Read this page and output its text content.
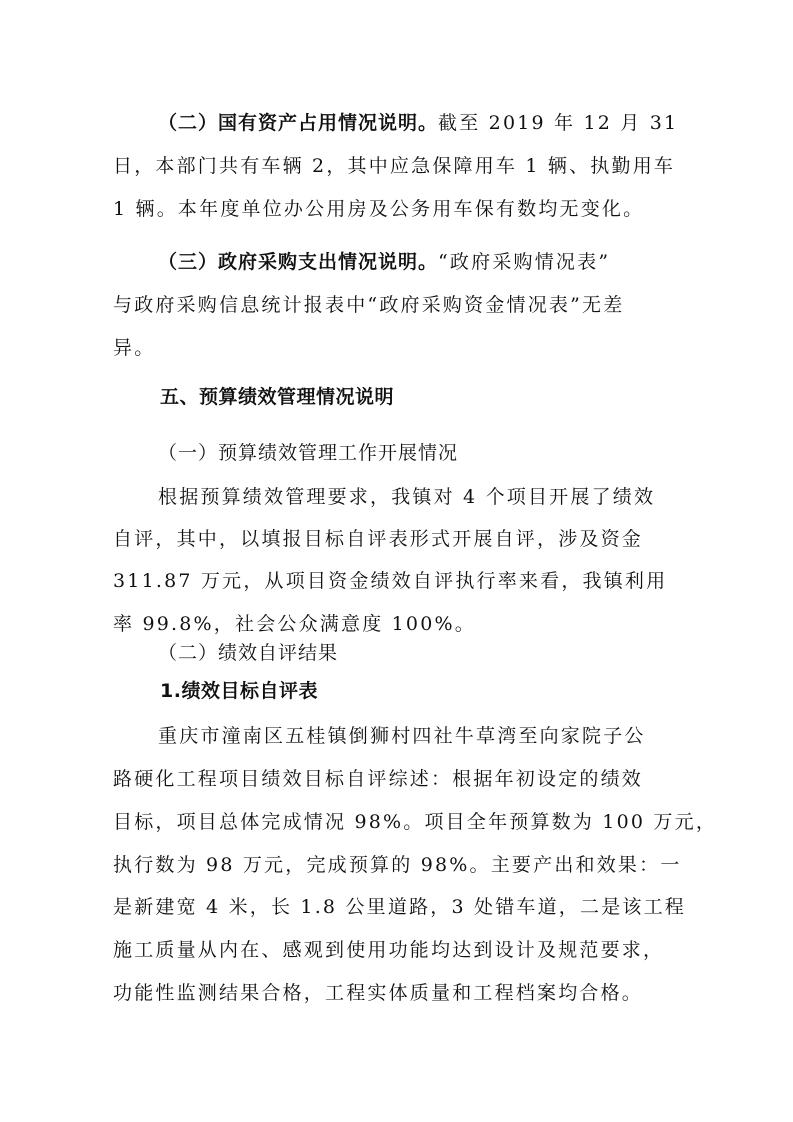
（二）国有资产占用情况说明。截至 2019 年 12 月 31
日，本部门共有车辆 2，其中应急保障用车 1 辆、执勤用车
1 辆。本年度单位办公用房及公务用车保有数均无变化。
（三）政府采购支出情况说明。“政府采购情况表”
与政府采购信息统计报表中“政府采购资金情况表”无差
异。
五、预算绩效管理情况说明
（一）预算绩效管理工作开展情况
根据预算绩效管理要求，我镇对 4 个项目开展了绩效
自评，其中，以填报目标自评表形式开展自评，涉及资金
311.87 万元，从项目资金绩效自评执行率来看，我镇利用
率 99.8%，社会公众满意度 100%。
（二）绩效自评结果
1.绩效目标自评表
重庆市潼南区五桂镇倒狮村四社牛草湾至向家院子公
路硬化工程项目绩效目标自评综述：根据年初设定的绩效
目标，项目总体完成情况 98%。项目全年预算数为 100 万元，
执行数为 98 万元，完成预算的 98%。主要产出和效果：一
是新建宽 4 米，长 1.8 公里道路，3 处错车道，二是该工程
施工质量从内在、感观到使用功能均达到设计及规范要求，
功能性监测结果合格，工程实体质量和工程档案均合格。
